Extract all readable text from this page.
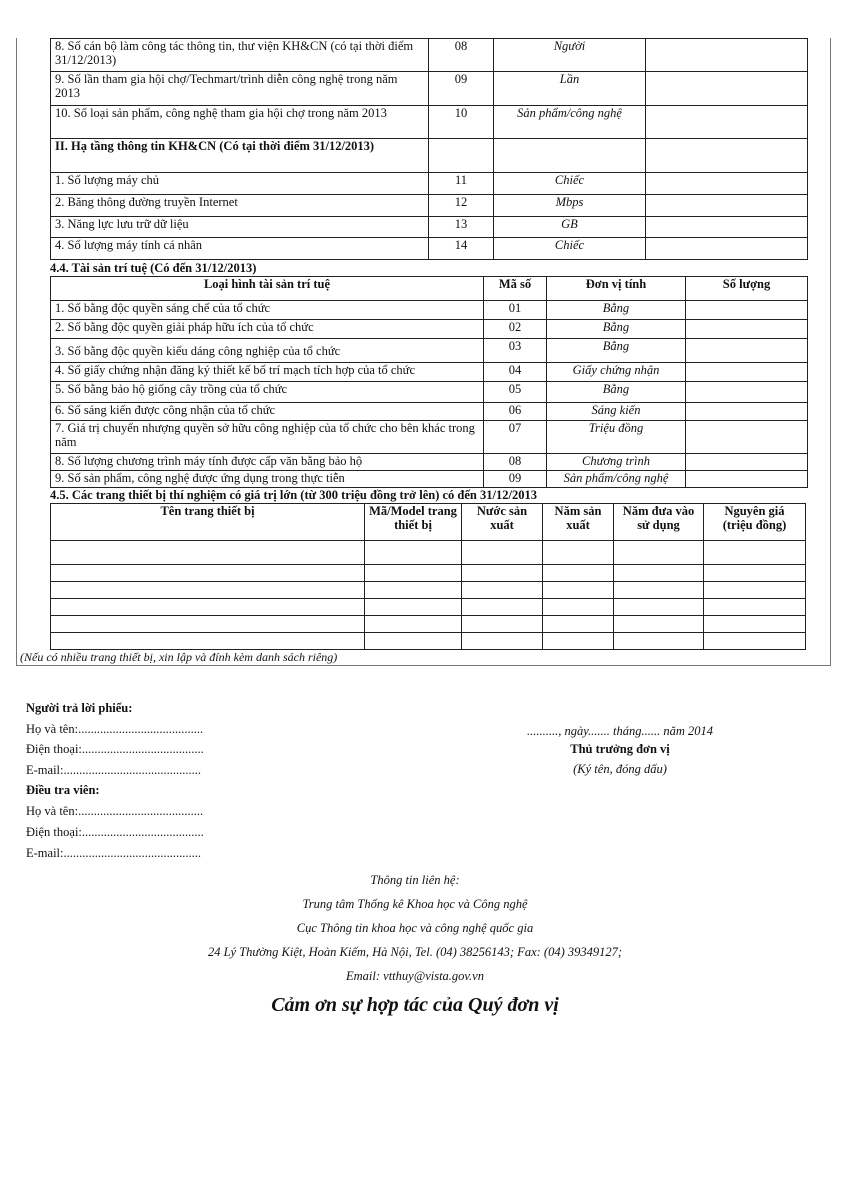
8. Số cán bộ làm công tác thông tin, thư viện KH&CN (có tại thời điểm 31/12/2013)	08	Người	
9. Số lần tham gia hội chợ/Techmart/trình diễn công nghệ trong năm 2013	09	Lần	
10. Số loại sản phẩm, công nghệ tham gia hội chợ trong năm 2013	10	Sản phẩm/công nghệ	
II. Hạ tầng thông tin KH&CN (Có tại thời điểm 31/12/2013)			
1. Số lượng máy chủ	11	Chiếc	
2. Băng thông đường truyền Internet	12	Mbps	
3. Năng lực lưu trữ dữ liệu	13	GB	
4. Số lượng máy tính cá nhân	14	Chiếc	
4.4. Tài sản trí tuệ (Có đến 31/12/2013)
Loại hình tài sản trí tuệ	Mã số	Đơn vị tính	Số lượng
1. Số bằng độc quyền sáng chế của tổ chức	01	Bằng	
2. Số bằng độc quyền giải pháp hữu ích của tổ chức	02	Bằng	
3. Số bằng độc quyền kiểu dáng công nghiệp của tổ chức	03	Bằng	
4. Số giấy chứng nhận đăng ký thiết kế bố trí mạch tích hợp của tổ chức	04	Giấy chứng nhận	
5. Số bằng bảo hộ giống cây trồng của tổ chức	05	Bằng	
6. Số sáng kiến được công nhận của tổ chức	06	Sáng kiến	
7. Giá trị chuyển nhượng quyền sở hữu công nghiệp của tổ chức cho bên khác trong năm	07	Triệu đồng	
8. Số lượng chương trình máy tính được cấp văn bằng bảo hộ	08	Chương trình	
9. Số sản phẩm, công nghệ được ứng dụng trong thực tiễn	09	Sản phẩm/công nghệ	
4.5. Các trang thiết bị thí nghiệm có giá trị lớn (từ 300 triệu đồng trở lên) có đến 31/12/2013
Tên trang thiết bị	Mã/Model trang thiết bị	Nước sản xuất	Năm sản xuất	Năm đưa vào sử dụng	Nguyên giá (triệu đồng)

(Nếu có nhiều trang thiết bị, xin lập và đính kèm danh sách riêng)
Người trả lời phiếu:
Họ và tên:........................................
Điện thoại:.......................................
E-mail:............................................
Điều tra viên:
Họ và tên:........................................
Điện thoại:.......................................
E-mail:............................................
.........., ngày....... tháng...... năm 2014
Thủ trưởng đơn vị
(Ký tên, đóng dấu)
Thông tin liên hệ:
Trung tâm Thống kê Khoa học và Công nghệ
Cục Thông tin khoa học và công nghệ quốc gia
24 Lý Thường Kiệt, Hoàn Kiếm, Hà Nội, Tel. (04) 38256143; Fax: (04) 39349127;
Email: vtthuy@vista.gov.vn
Cảm ơn sự hợp tác của Quý đơn vị
